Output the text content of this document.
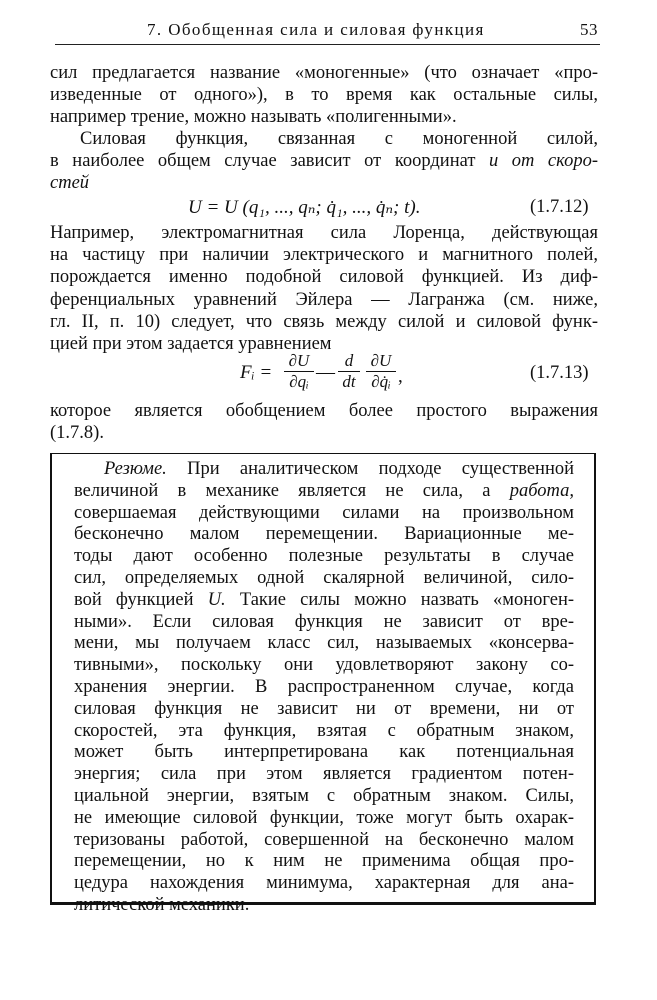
7. Обобщенная сила и силовая функция	53
сил предлагается название «моногенные» (что означает «про-
изведенные от одного»), в то время как остальные силы,
например трение, можно называть «полигенными».
Силовая функция, связанная с моногенной силой,
в наиболее общем случае зависит от координат и от скоро-
стей
U = U (q₁, ..., qₙ; q̇₁, ..., q̇ₙ; t).	(1.7.12)
Например, электромагнитная сила Лоренца, действующая
на частицу при наличии электрического и магнитного полей,
порождается именно подобной силовой функцией. Из диф-
ференциальных уравнений Эйлера — Лагранжа (см. ниже,
гл. II, п. 10) следует, что связь между силой и силовой функ-
цией при этом задается уравнением
Fᵢ =
∂U
∂qᵢ —
d
dt
∂U
∂q̇ᵢ ,	(1.7.13)
которое является обобщением более простого выражения
(1.7.8).
Резюме. При аналитическом подходе существенной
величиной в механике является не сила, а работа,
совершаемая действующими силами на произвольном
бесконечно малом перемещении. Вариационные ме-
тоды дают особенно полезные результаты в случае
сил, определяемых одной скалярной величиной, сило-
вой функцией U. Такие силы можно назвать «моноген-
ными». Если силовая функция не зависит от вре-
мени, мы получаем класс сил, называемых «консерва-
тивными», поскольку они удовлетворяют закону со-
хранения энергии. В распространенном случае, когда
силовая функция не зависит ни от времени, ни от
скоростей, эта функция, взятая с обратным знаком,
может быть интерпретирована как потенциальная
энергия; сила при этом является градиентом потен-
циальной энергии, взятым с обратным знаком. Силы,
не имеющие силовой функции, тоже могут быть охарак-
теризованы работой, совершенной на бесконечно малом
перемещении, но к ним не применима общая про-
цедура нахождения минимума, характерная для ана-
литической механики.
